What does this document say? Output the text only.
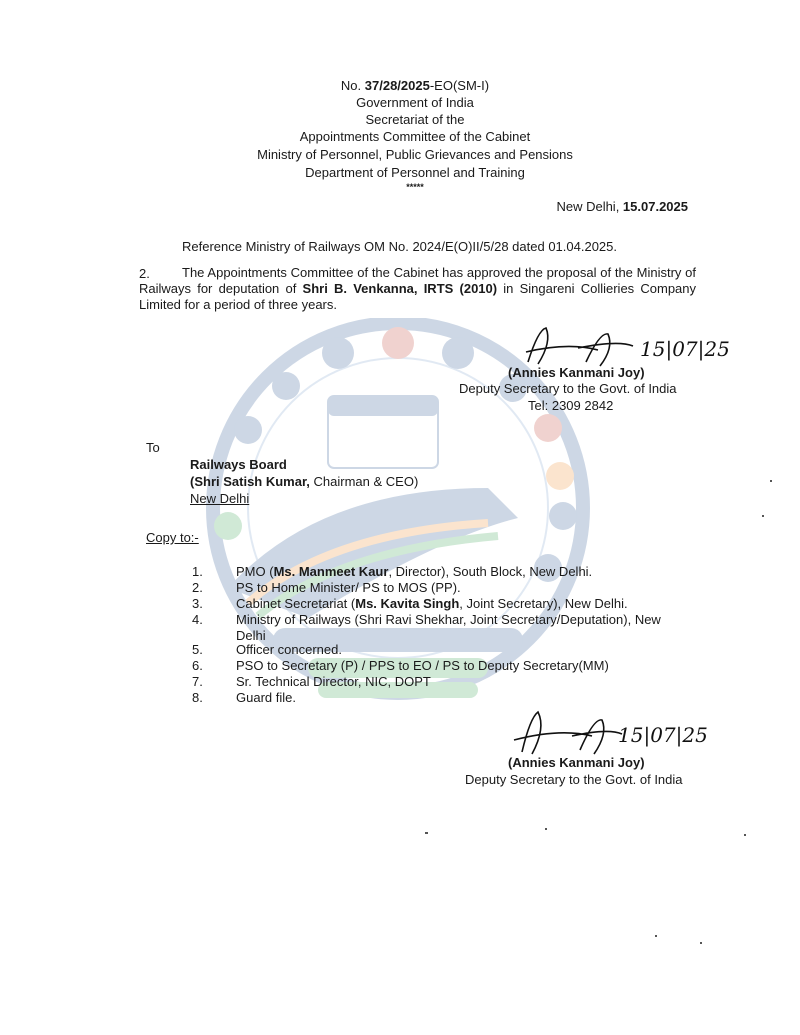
No. 37/28/2025-EO(SM-I)
Government of India
Secretariat of the
Appointments Committee of the Cabinet
Ministry of Personnel, Public Grievances and Pensions
Department of Personnel and Training
*****
New Delhi, 15.07.2025
Reference Ministry of Railways OM No. 2024/E(O)II/5/28 dated 01.04.2025.
2.	The Appointments Committee of the Cabinet has approved the proposal of the Ministry of Railways for deputation of Shri B. Venkanna, IRTS (2010) in Singareni Collieries Company Limited for a period of three years.
15|07|25
(Annies Kanmani Joy)
Deputy Secretary to the Govt. of India
Tel: 2309 2842
To
Railways Board
(Shri Satish Kumar, Chairman & CEO)
New Delhi
Copy to:-
1.	PMO (Ms. Manmeet Kaur, Director), South Block, New Delhi.
2.	PS to Home Minister/ PS to MOS (PP).
3.	Cabinet Secretariat (Ms. Kavita Singh, Joint Secretary), New Delhi.
4.	Ministry of Railways (Shri Ravi Shekhar, Joint Secretary/Deputation), New
Delhi
5.	Officer concerned.
6.	PSO to Secretary (P) / PPS to EO / PS to Deputy Secretary(MM)
7.	Sr. Technical Director, NIC, DOPT
8.	Guard file.
15|07|25
(Annies Kanmani Joy)
Deputy Secretary to the Govt. of India
